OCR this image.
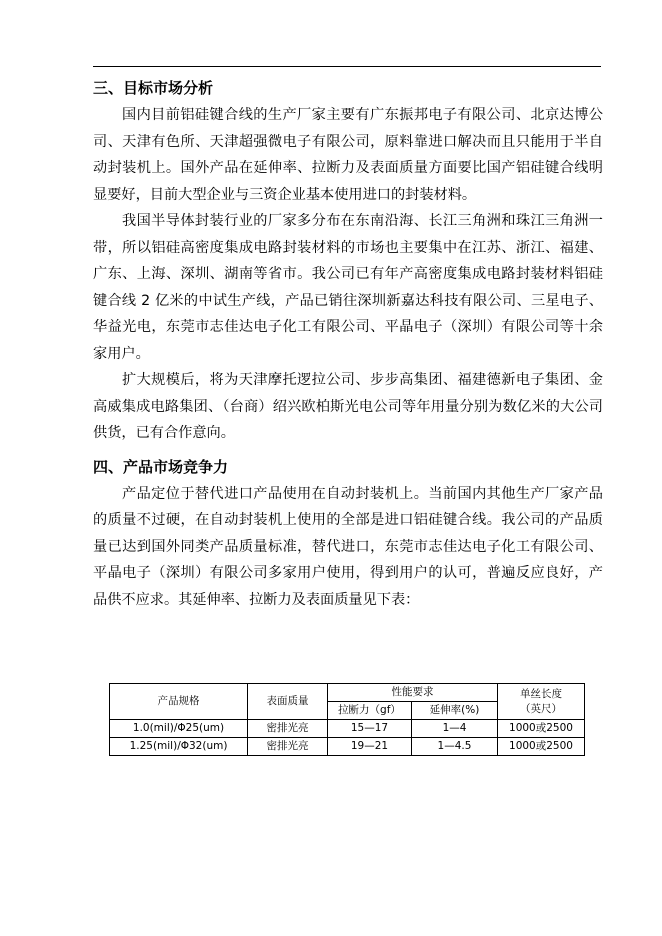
三、目标市场分析

国内目前铝硅键合线的生产厂家主要有广东振邦电子有限公司、北京达博公司、天津有色所、天津超强微电子有限公司，原料靠进口解决而且只能用于半自动封装机上。国外产品在延伸率、拉断力及表面质量方面要比国产铝硅键合线明显要好，目前大型企业与三资企业基本使用进口的封装材料。

我国半导体封装行业的厂家多分布在东南沿海、长江三角洲和珠江三角洲一带，所以铝硅高密度集成电路封装材料的市场也主要集中在江苏、浙江、福建、广东、上海、深圳、湖南等省市。我公司已有年产高密度集成电路封装材料铝硅键合线 2 亿米的中试生产线，产品已销往深圳新嘉达科技有限公司、三星电子、华益光电，东莞市志佳达电子化工有限公司、平晶电子（深圳）有限公司等十余家用户。

扩大规模后，将为天津摩托逻拉公司、步步高集团、福建德新电子集团、金高威集成电路集团、（台商）绍兴欧柏斯光电公司等年用量分别为数亿米的大公司供货，已有合作意向。

四、产品市场竞争力

产品定位于替代进口产品使用在自动封装机上。当前国内其他生产厂家产品的质量不过硬，在自动封装机上使用的全部是进口铝硅键合线。我公司的产品质量已达到国外同类产品质量标准，替代进口，东莞市志佳达电子化工有限公司、平晶电子（深圳）有限公司多家用户使用，得到用户的认可，普遍反应良好，产品供不应求。其延伸率、拉断力及表面质量见下表：

产品规格	表面质量	性能要求		单丝长度
（英尺）

		拉断力（gf）	延伸率(%)	
1.0(mil)/Φ25(um)	密排光亮	15—17	1—4	1000或2500
1.25(mil)/Φ32(um)	密排光亮	19—21	1—4.5	1000或2500
